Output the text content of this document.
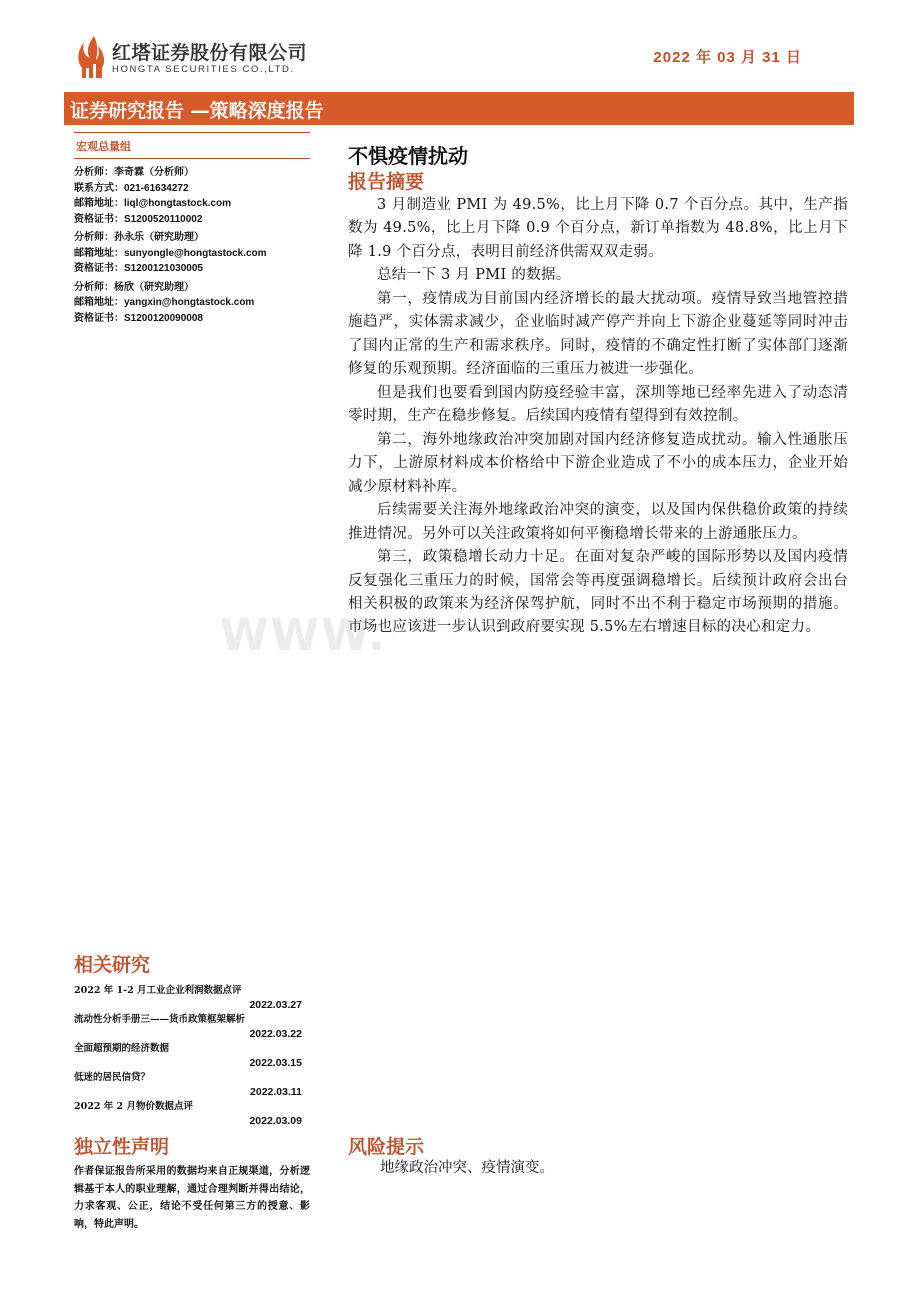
红塔证券股份有限公司
HONGTA SECURITIES CO.,LTD.
2022 年 03 月 31 日
证券研究报告 —策略深度报告
宏观总量组
分析师：李奇霖（分析师）
联系方式：021-61634272
邮箱地址：liql@hongtastock.com
资格证书：S1200520110002
分析师：孙永乐（研究助理）
邮箱地址：sunyongle@hongtastock.com
资格证书：S1200121030005
分析师：杨欣（研究助理）
邮箱地址：yangxin@hongtastock.com
资格证书：S1200120090008
相关研究
2022 年 1-2 月工业企业利润数据点评
2022.03.27
流动性分析手册三——货币政策框架解析
2022.03.22
全面超预期的经济数据
2022.03.15
低迷的居民信贷？
2022.03.11
2022 年 2 月物价数据点评
2022.03.09
独立性声明
作者保证报告所采用的数据均来自正规渠道，分析逻辑基于本人的职业理解，通过合理判断并得出结论，力求客观、公正，结论不受任何第三方的授意、影响，特此声明。
不惧疫情扰动
报告摘要

3 月制造业 PMI 为 49.5%，比上月下降 0.7 个百分点。其中，生产指数为 49.5%，比上月下降 0.9 个百分点，新订单指数为 48.8%，比上月下降 1.9 个百分点，表明目前经济供需双双走弱。

总结一下 3 月 PMI 的数据。

第一，疫情成为目前国内经济增长的最大扰动项。疫情导致当地管控措施趋严，实体需求减少，企业临时减产停产并向上下游企业蔓延等同时冲击了国内正常的生产和需求秩序。同时，疫情的不确定性打断了实体部门逐渐修复的乐观预期。经济面临的三重压力被进一步强化。

但是我们也要看到国内防疫经验丰富，深圳等地已经率先进入了动态清零时期，生产在稳步修复。后续国内疫情有望得到有效控制。

第二，海外地缘政治冲突加剧对国内经济修复造成扰动。输入性通胀压力下，上游原材料成本价格给中下游企业造成了不小的成本压力，企业开始减少原材料补库。

后续需要关注海外地缘政治冲突的演变，以及国内保供稳价政策的持续推进情况。另外可以关注政策将如何平衡稳增长带来的上游通胀压力。

第三，政策稳增长动力十足。在面对复杂严峻的国际形势以及国内疫情反复强化三重压力的时候，国常会等再度强调稳增长。后续预计政府会出台相关积极的政策来为经济保驾护航，同时不出不利于稳定市场预期的措施。市场也应该进一步认识到政府要实现 5.5%左右增速目标的决心和定力。

风险提示
地缘政治冲突、疫情演变。
WWW.
